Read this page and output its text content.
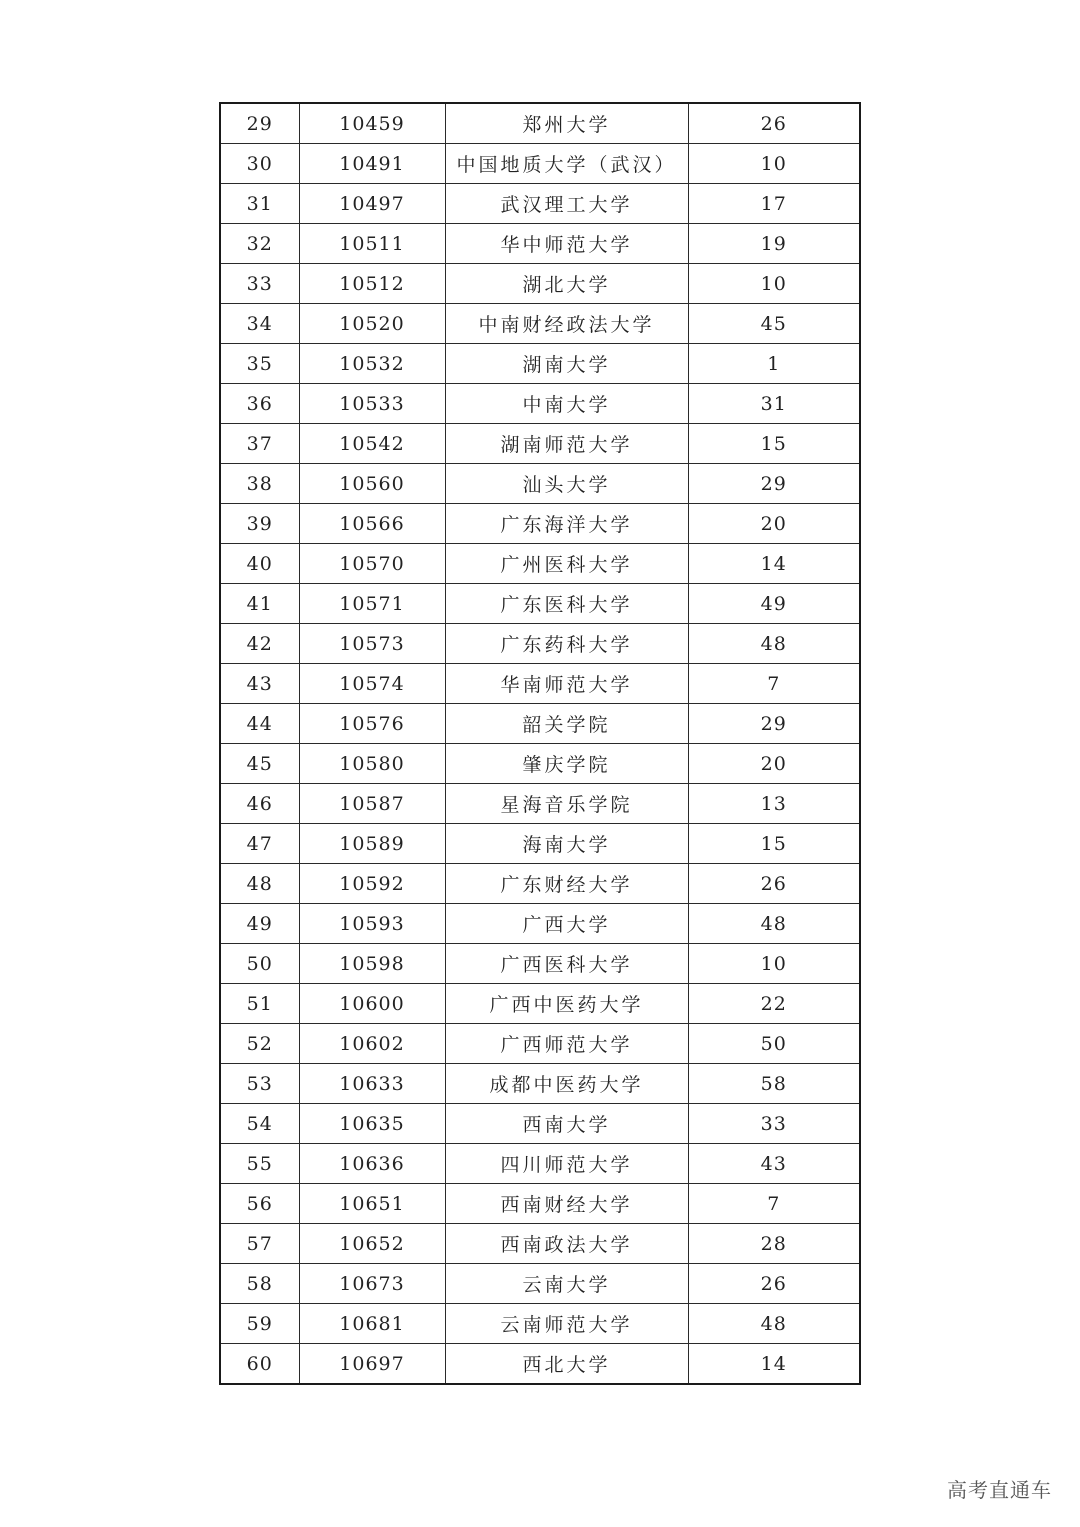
29	10459	郑州大学	26
30	10491	中国地质大学（武汉）	10
31	10497	武汉理工大学	17
32	10511	华中师范大学	19
33	10512	湖北大学	10
34	10520	中南财经政法大学	45
35	10532	湖南大学	1
36	10533	中南大学	31
37	10542	湖南师范大学	15
38	10560	汕头大学	29
39	10566	广东海洋大学	20
40	10570	广州医科大学	14
41	10571	广东医科大学	49
42	10573	广东药科大学	48
43	10574	华南师范大学	7
44	10576	韶关学院	29
45	10580	肇庆学院	20
46	10587	星海音乐学院	13
47	10589	海南大学	15
48	10592	广东财经大学	26
49	10593	广西大学	48
50	10598	广西医科大学	10
51	10600	广西中医药大学	22
52	10602	广西师范大学	50
53	10633	成都中医药大学	58
54	10635	西南大学	33
55	10636	四川师范大学	43
56	10651	西南财经大学	7
57	10652	西南政法大学	28
58	10673	云南大学	26
59	10681	云南师范大学	48
60	10697	西北大学	14
高考直通车
